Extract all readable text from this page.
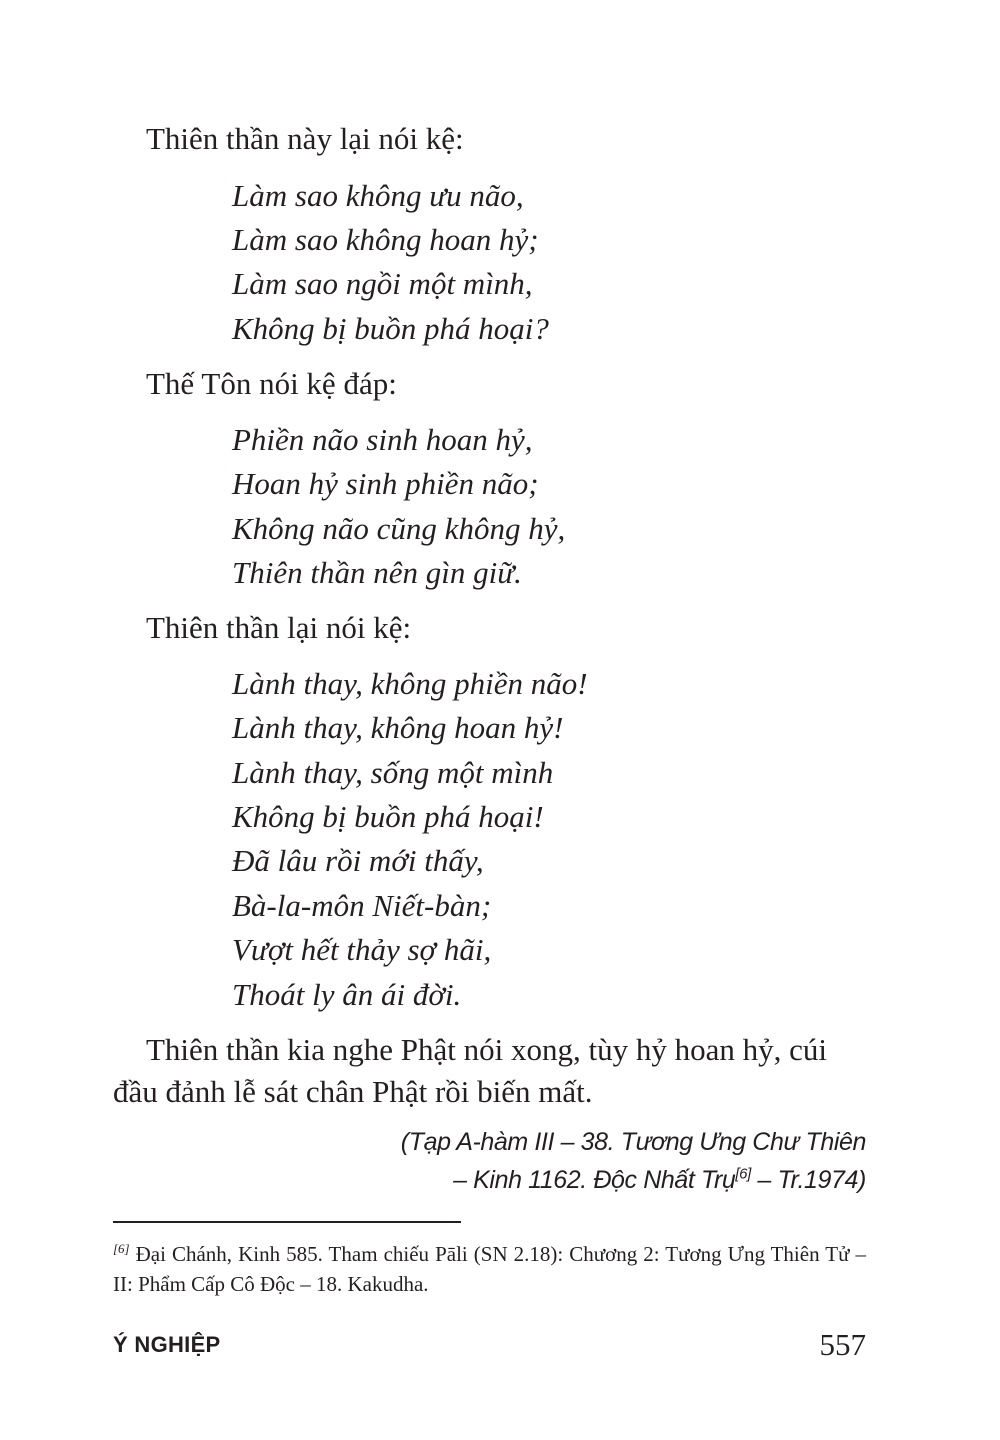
Thiên thần này lại nói kệ:
Làm sao không ưu não,
Làm sao không hoan hỷ;
Làm sao ngồi một mình,
Không bị buồn phá hoại?
Thế Tôn nói kệ đáp:
Phiền não sinh hoan hỷ,
Hoan hỷ sinh phiền não;
Không não cũng không hỷ,
Thiên thần nên gìn giữ.
Thiên thần lại nói kệ:
Lành thay, không phiền não!
Lành thay, không hoan hỷ!
Lành thay, sống một mình
Không bị buồn phá hoại!
Đã lâu rồi mới thấy,
Bà-la-môn Niết-bàn;
Vượt hết thảy sợ hãi,
Thoát ly ân ái đời.
Thiên thần kia nghe Phật nói xong, tùy hỷ hoan hỷ, cúi
đầu đảnh lễ sát chân Phật rồi biến mất.
(Tạp A-hàm III – 38. Tương Ưng Chư Thiên
– Kinh 1162. Độc Nhất Trụ[6] – Tr.1974)
[6] Đại Chánh, Kinh 585. Tham chiếu Pāli (SN 2.18): Chương 2: Tương Ưng Thiên Tử – II: Phẩm Cấp Cô Độc – 18. Kakudha.
Ý NGHIỆP	557
